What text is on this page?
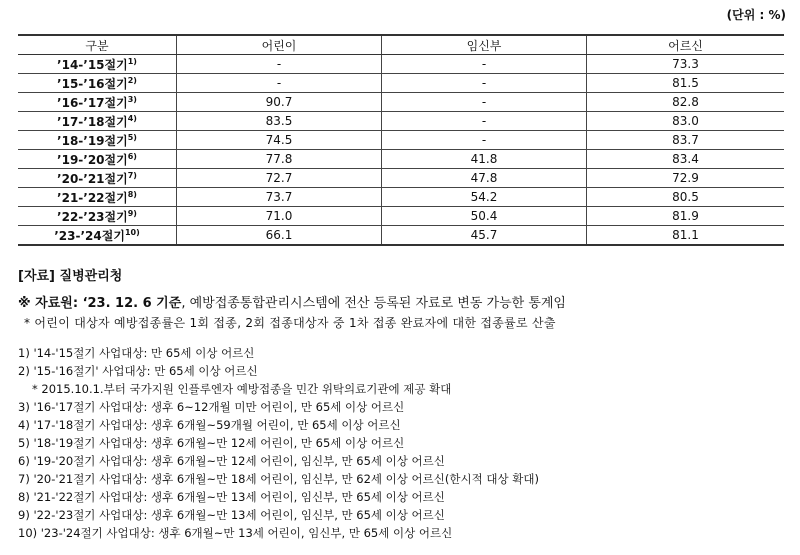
(단위 : %)
구분	어린이	임신부	어르신
’14-’15절기$^{1)}$	-	-	73.3
’15-’16절기$^{2)}$	-	-	81.5
’16-’17절기$^{3)}$	90.7	-	82.8
’17-’18절기$^{4)}$	83.5	-	83.0
’18-’19절기$^{5)}$	74.5	-	83.7
’19-’20절기$^{6)}$	77.8	41.8	83.4
’20-’21절기$^{7)}$	72.7	47.8	72.9
’21-’22절기$^{8)}$	73.7	54.2	80.5
’22-’23절기$^{9)}$	71.0	50.4	81.9
’23-’24절기$^{10)}$	66.1	45.7	81.1
[자료] 질병관리청
※ 자료원: ‘23. 12. 6 기준, 예방접종통합관리시스템에 전산 등록된 자료로 변동 가능한 통계임
* 어린이 대상자 예방접종률은 1회 접종, 2회 접종대상자 중 1차 접종 완료자에 대한 접종률로 산출
1) '14-'15절기 사업대상: 만 65세 이상 어르신
2) '15-'16절기' 사업대상: 만 65세 이상 어르신
* 2015.10.1.부터 국가지원 인플루엔자 예방접종을 민간 위탁의료기관에 제공 확대
3) '16-'17절기 사업대상: 생후 6~12개월 미만 어린이, 만 65세 이상 어르신
4) '17-'18절기 사업대상: 생후 6개월~59개월 어린이, 만 65세 이상 어르신
5) '18-'19절기 사업대상: 생후 6개월~만 12세 어린이, 만 65세 이상 어르신
6) '19-'20절기 사업대상: 생후 6개월~만 12세 어린이, 임신부, 만 65세 이상 어르신
7) '20-'21절기 사업대상: 생후 6개월~만 18세 어린이, 임신부, 만 62세 이상 어르신(한시적 대상 확대)
8) '21-'22절기 사업대상: 생후 6개월~만 13세 어린이, 임신부, 만 65세 이상 어르신
9) '22-'23절기 사업대상: 생후 6개월~만 13세 어린이, 임신부, 만 65세 이상 어르신
10) '23-'24절기 사업대상: 생후 6개월~만 13세 어린이, 임신부, 만 65세 이상 어르신
